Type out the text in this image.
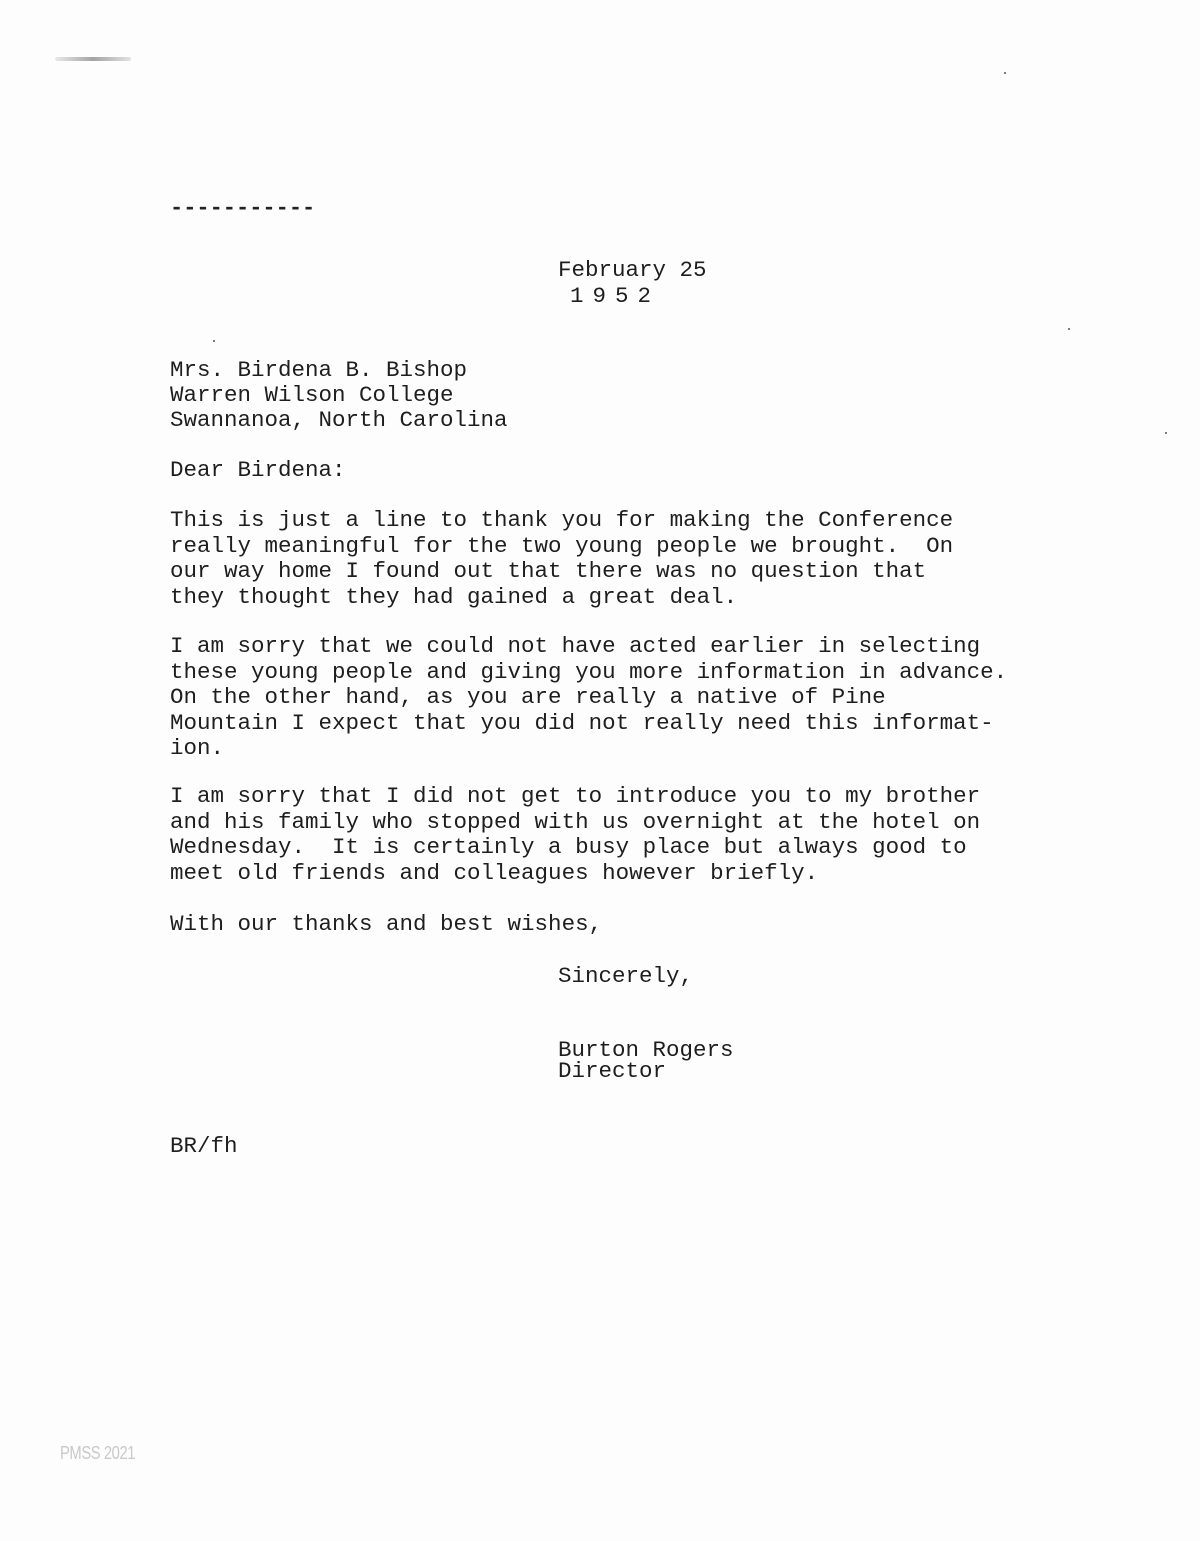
-----------
February 25
1952
Mrs. Birdena B. Bishop
Warren Wilson College
Swannanoa, North Carolina
Dear Birdena:
This is just a line to thank you for making the Conference
really meaningful for the two young people we brought.  On
our way home I found out that there was no question that
they thought they had gained a great deal.
I am sorry that we could not have acted earlier in selecting
these young people and giving you more information in advance.
On the other hand, as you are really a native of Pine
Mountain I expect that you did not really need this informat-
ion.
I am sorry that I did not get to introduce you to my brother
and his family who stopped with us overnight at the hotel on
Wednesday.  It is certainly a busy place but always good to
meet old friends and colleagues however briefly.
With our thanks and best wishes,
Sincerely,
Burton Rogers
Director
BR/fh
PMSS 2021
